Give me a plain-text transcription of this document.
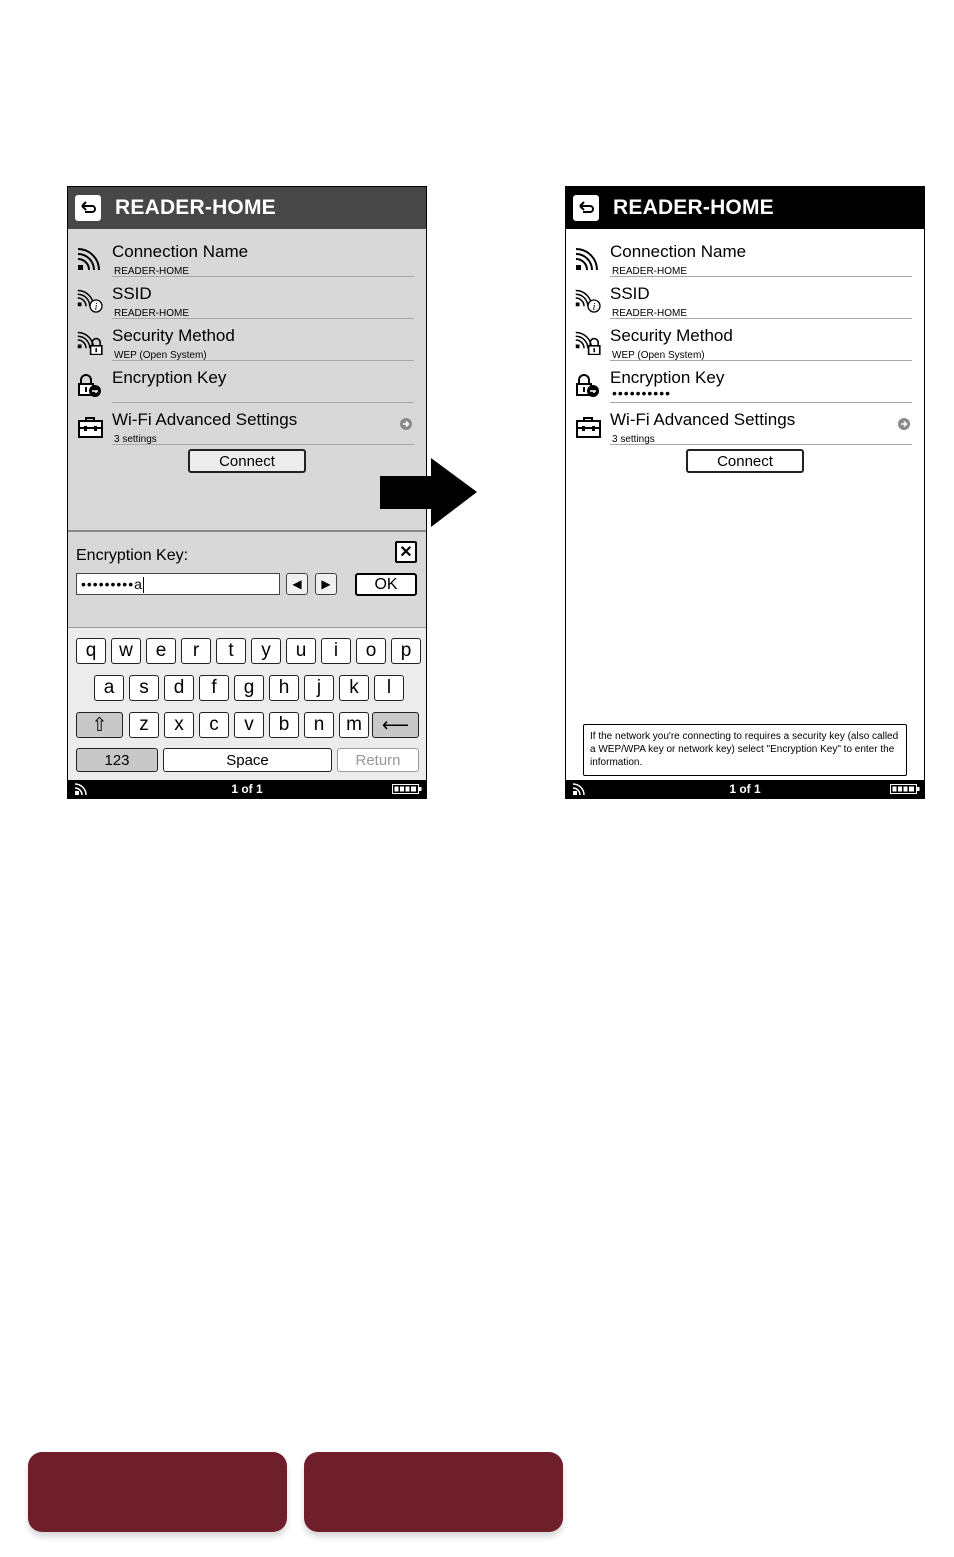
READER-HOME
Connection Name
READER-HOME
i
SSID
READER-HOME
Security Method
WEP (Open System)
Encryption Key
Wi-Fi Advanced Settings
3 settings
Connect
Encryption Key:	✕
•••••••••a	◀ ▶	OK
q	w	e	r	t	y	u	i	o	p
a	s	d	f	g	h	j	k	l
⇧	z	x	c	v	b	n	m	⟵
123	Space	Return
1 of 1
READER-HOME
Connection Name
READER-HOME
i
SSID
READER-HOME
Security Method
WEP (Open System)
Encryption Key
••••••••••
Wi-Fi Advanced Settings
3 settings
Connect
If the network you're connecting to requires a security key (also called a WEP/WPA key or network key) select "Encryption Key" to enter the information.
1 of 1
